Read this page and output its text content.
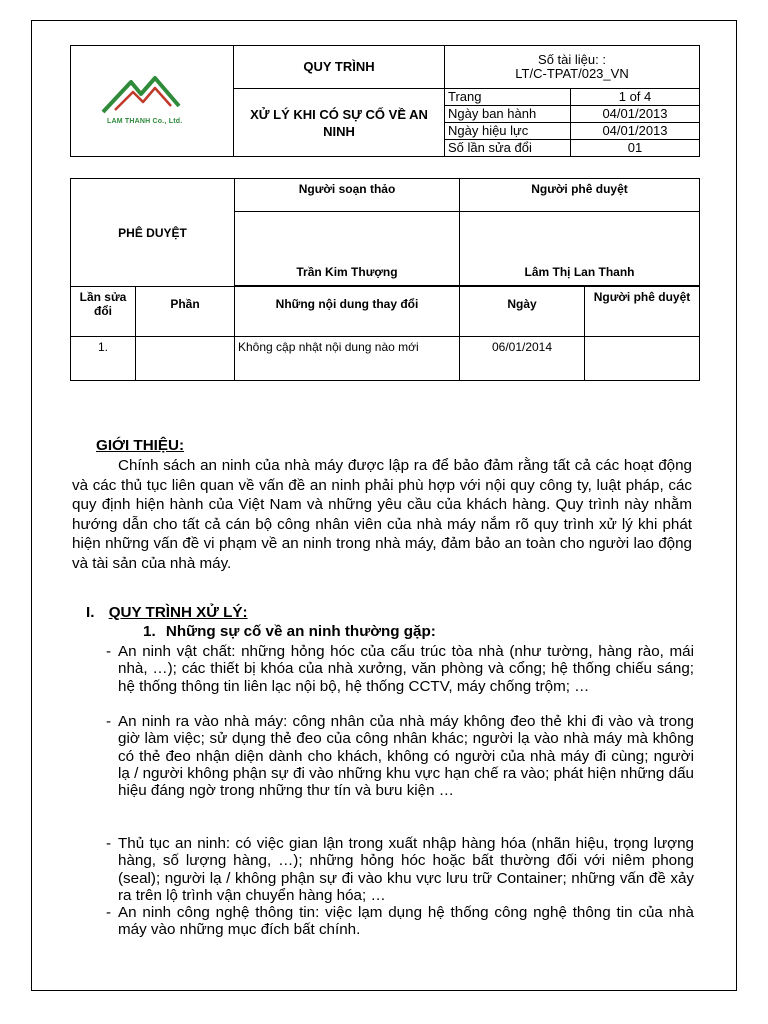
LAM THANH Co., Ltd.	QUY TRÌNH	Số tài liệu: :
LT/C-TPAT/023_VN	

	XỬ LÝ KHI CÓ SỰ CỐ VỀ AN NINH	Trang	1 of 4
		Ngày ban hành	04/01/2013
		Ngày hiệu lực	04/01/2013
		Số lần sửa đổi	01
PHÊ DUYỆT		Người soạn thảo	Người phê duyệt	
		Trần Kim Thượng	Lâm Thị Lan Thanh	

Lần sửa đổi	Phần	Những nội dung thay đổi	Ngày	Người phê duyệt
1.		Không cập nhật nội dung nào mới	06/01/2014	
GIỚI THIỆU:
Chính sách an ninh của nhà máy được lập ra để bảo đảm rằng tất cả các hoạt động và các thủ tục liên quan về vấn đề an ninh phải phù hợp với nội quy công ty, luật pháp, các quy định hiện hành của Việt Nam và những yêu cầu của khách hàng. Quy trình này nhằm hướng dẫn cho tất cả cán bộ công nhân viên của nhà máy nắm rõ quy trình xử lý khi phát hiện những vấn đề vi phạm về an ninh trong nhà máy, đảm bảo an toàn cho người lao động và tài sản của nhà máy.
I. QUY TRÌNH XỬ LÝ:
1. Những sự cố về an ninh thường gặp:
- An ninh vật chất: những hỏng hóc của cấu trúc tòa nhà (như tường, hàng rào, mái nhà, …); các thiết bị khóa của nhà xưởng, văn phòng và cổng; hệ thống chiếu sáng; hệ thống thông tin liên lạc nội bộ, hệ thống CCTV, máy chống trộm; …
- An ninh ra vào nhà máy: công nhân của nhà máy không đeo thẻ khi đi vào và trong giờ làm việc; sử dụng thẻ đeo của công nhân khác; người lạ vào nhà máy mà không có thẻ đeo nhận diện dành cho khách, không có người của nhà máy đi cùng; người lạ / người không phận sự đi vào những khu vực hạn chế ra vào; phát hiện những dấu hiệu đáng ngờ trong những thư tín và bưu kiện …
- Thủ tục an ninh: có việc gian lận trong xuất nhập hàng hóa (nhãn hiệu, trọng lượng hàng, số lượng hàng, …); những hỏng hóc hoặc bất thường đối với niêm phong (seal); người lạ / không phận sự đi vào khu vực lưu trữ Container; những vấn đề xảy ra trên lộ trình vận chuyển hàng hóa; …
- An ninh công nghệ thông tin: việc lạm dụng hệ thống công nghệ thông tin của nhà máy vào những mục đích bất chính.
